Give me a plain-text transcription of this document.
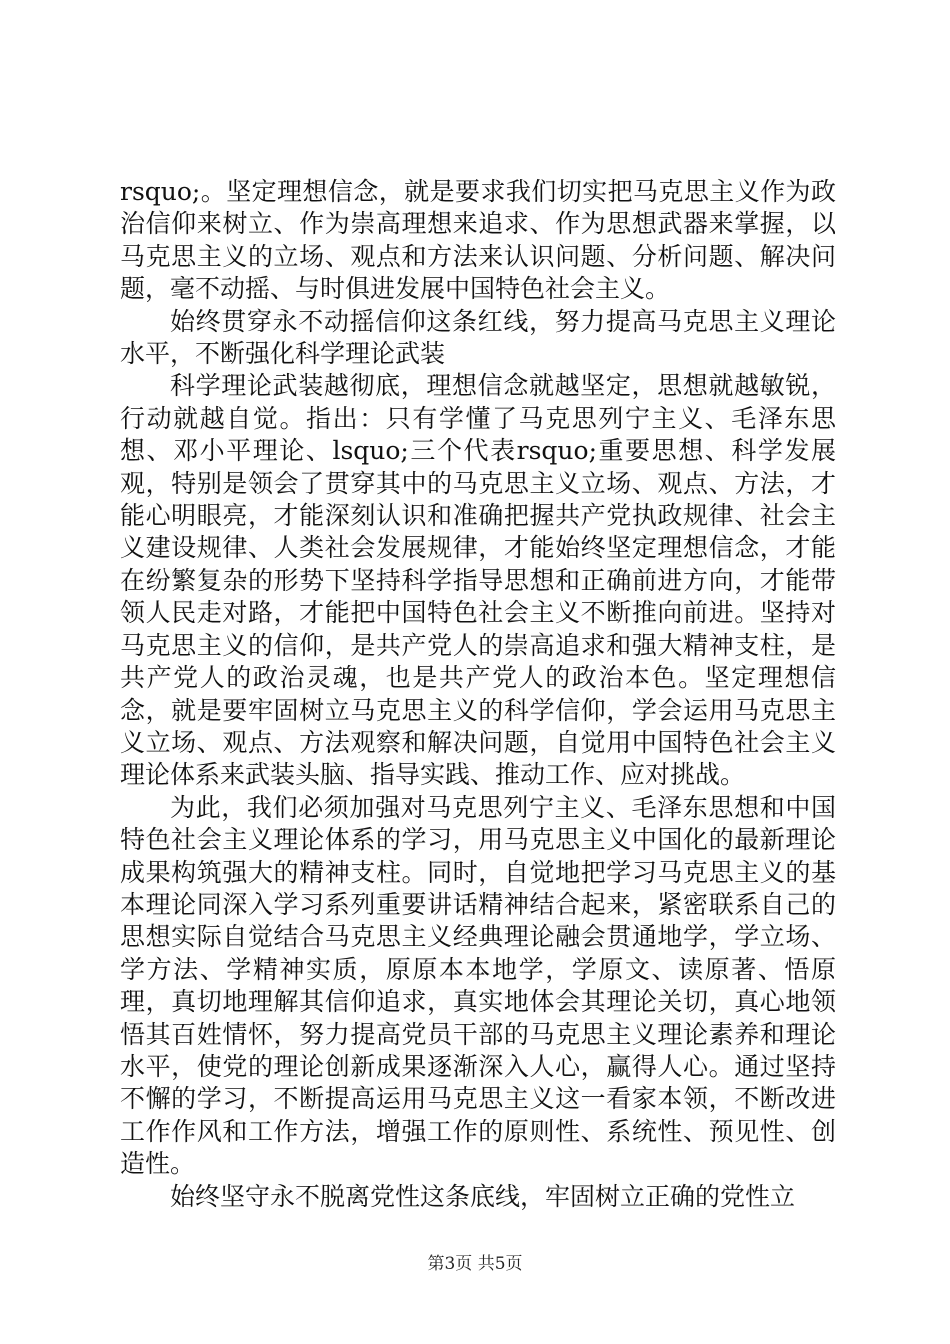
rsquo;。坚定理想信念，就是要求我们切实把马克思主义作为政治信仰来树立、作为崇高理想来追求、作为思想武器来掌握，以马克思主义的立场、观点和方法来认识问题、分析问题、解决问题，毫不动摇、与时俱进发展中国特色社会主义。

始终贯穿永不动摇信仰这条红线，努力提高马克思主义理论水平，不断强化科学理论武装

科学理论武装越彻底，理想信念就越坚定，思想就越敏锐，行动就越自觉。指出：只有学懂了马克思列宁主义、毛泽东思想、邓小平理论、lsquo;三个代表rsquo;重要思想、科学发展观，特别是领会了贯穿其中的马克思主义立场、观点、方法，才能心明眼亮，才能深刻认识和准确把握共产党执政规律、社会主义建设规律、人类社会发展规律，才能始终坚定理想信念，才能在纷繁复杂的形势下坚持科学指导思想和正确前进方向，才能带领人民走对路，才能把中国特色社会主义不断推向前进。坚持对马克思主义的信仰，是共产党人的崇高追求和强大精神支柱，是共产党人的政治灵魂，也是共产党人的政治本色。坚定理想信念，就是要牢固树立马克思主义的科学信仰，学会运用马克思主义立场、观点、方法观察和解决问题，自觉用中国特色社会主义理论体系来武装头脑、指导实践、推动工作、应对挑战。

为此，我们必须加强对马克思列宁主义、毛泽东思想和中国特色社会主义理论体系的学习，用马克思主义中国化的最新理论成果构筑强大的精神支柱。同时，自觉地把学习马克思主义的基本理论同深入学习系列重要讲话精神结合起来，紧密联系自己的思想实际自觉结合马克思主义经典理论融会贯通地学，学立场、学方法、学精神实质，原原本本地学，学原文、读原著、悟原理，真切地理解其信仰追求，真实地体会其理论关切，真心地领悟其百姓情怀，努力提高党员干部的马克思主义理论素养和理论水平，使党的理论创新成果逐渐深入人心，赢得人心。通过坚持不懈的学习，不断提高运用马克思主义这一看家本领，不断改进工作作风和工作方法，增强工作的原则性、系统性、预见性、创造性。

始终坚守永不脱离党性这条底线，牢固树立正确的党性立

第3页 共5页
